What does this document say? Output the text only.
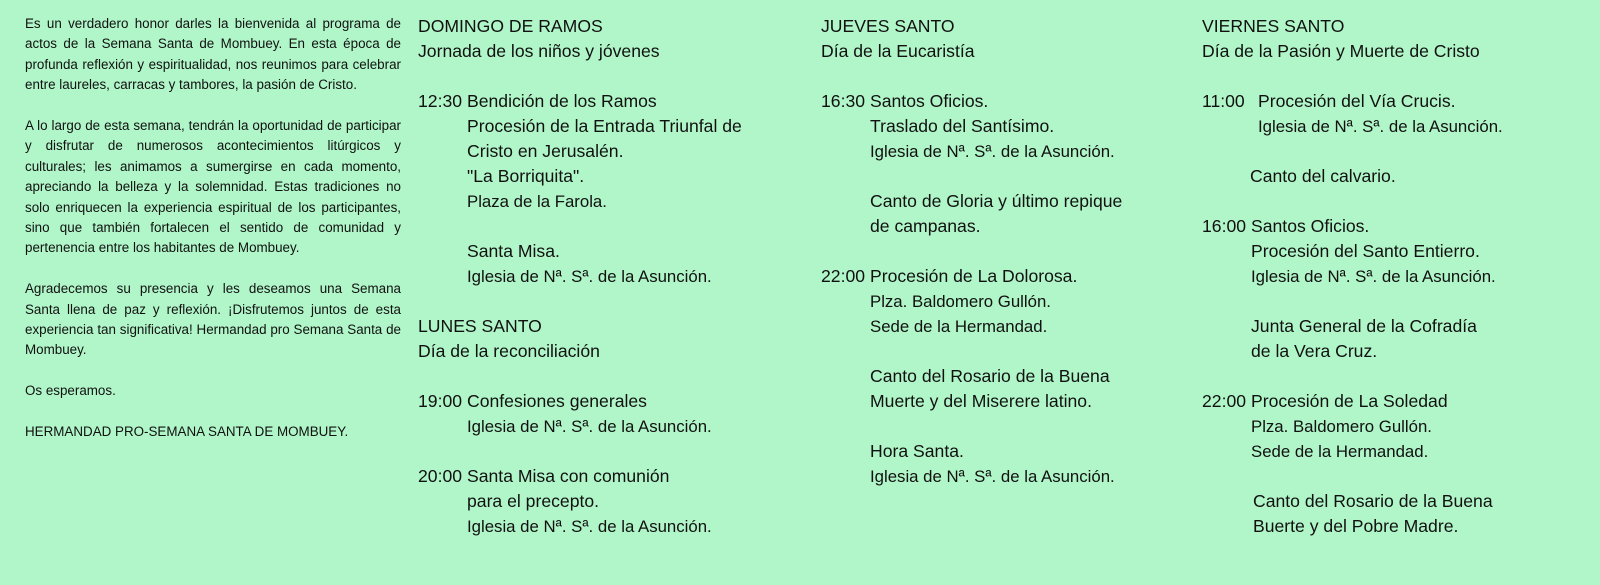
Es un verdadero honor darles la bienvenida al programa de actos de la Semana Santa de Mombuey. En esta época de profunda reflexión y espiritualidad, nos reunimos para celebrar entre laureles, carracas y tambores, la pasión de Cristo.

A lo largo de esta semana, tendrán la oportunidad de participar y disfrutar de numerosos acontecimientos litúrgicos y culturales; les animamos a sumergirse en cada momento, apreciando la belleza y la solemnidad. Estas tradiciones no solo enriquecen la experiencia espiritual de los participantes, sino que también fortalecen el sentido de comunidad y pertenencia entre los habitantes de Mombuey.

Agradecemos su presencia y les deseamos una Semana Santa llena de paz y reflexión. ¡Disfrutemos juntos de esta experiencia tan significativa! Hermandad pro Semana Santa de Mombuey.

Os esperamos.

HERMANDAD PRO-SEMANA SANTA DE MOMBUEY.

DOMINGO DE RAMOS
Jornada de los niños y jóvenes
12:30 Bendición de los Ramos
Procesión de la Entrada Triunfal de
Cristo en Jerusalén.
"La Borriquita".
Plaza de la Farola.
Santa Misa.
Iglesia de Nª. Sª. de la Asunción.
LUNES SANTO
Día de la reconciliación
19:00 Confesiones generales
Iglesia de Nª. Sª. de la Asunción.
20:00 Santa Misa con comunión
para el precepto.
Iglesia de Nª. Sª. de la Asunción.
JUEVES SANTO
Día de la Eucaristía
16:30 Santos Oficios.
Traslado del Santísimo.
Iglesia de Nª. Sª. de la Asunción.
Canto de Gloria y último repique
de campanas.
22:00 Procesión de La Dolorosa.
Plza. Baldomero Gullón.
Sede de la Hermandad.
Canto del Rosario de la Buena
Muerte y del Miserere latino.
Hora Santa.
Iglesia de Nª. Sª. de la Asunción.
VIERNES SANTO
Día de la Pasión y Muerte de Cristo
11:00 Procesión del Vía Crucis.
Iglesia de Nª. Sª. de la Asunción.
Canto del calvario.
16:00 Santos Oficios.
Procesión del Santo Entierro.
Iglesia de Nª. Sª. de la Asunción.
Junta General de la Cofradía
de la Vera Cruz.
22:00 Procesión de La Soledad
Plza. Baldomero Gullón.
Sede de la Hermandad.
Canto del Rosario de la Buena
Buerte y del Pobre Madre.
